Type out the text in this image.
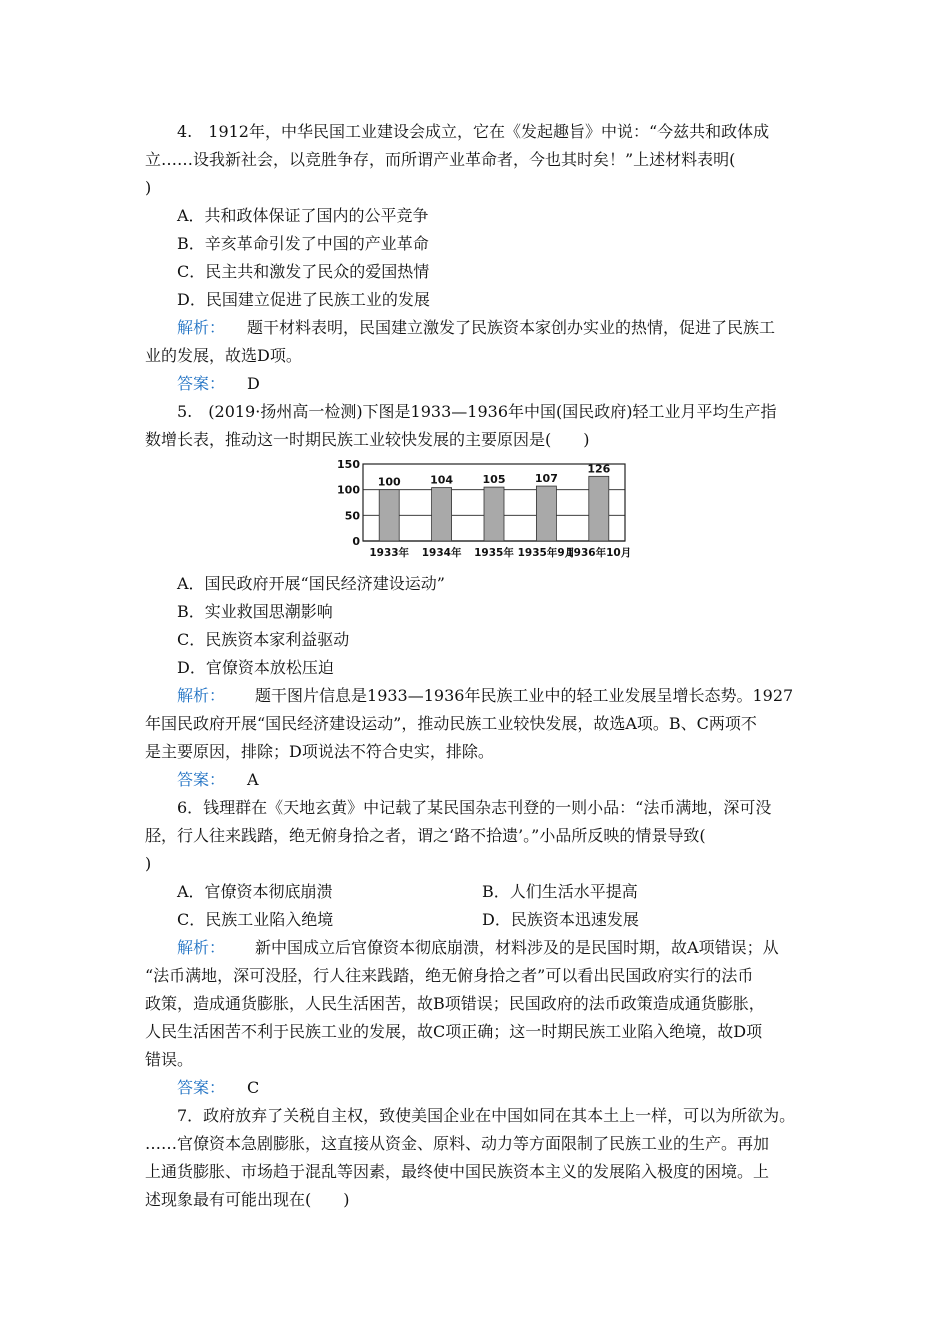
4.　1912年，中华民国工业建设会成立，它在《发起趣旨》中说：“今兹共和政体成
立……设我新社会，以竞胜争存，而所谓产业革命者，今也其时矣！”上述材料表明(
)
A．共和政体保证了国内的公平竞争
B．辛亥革命引发了中国的产业革命
C．民主共和激发了民众的爱国热情
D．民国建立促进了民族工业的发展
解析： 题干材料表明，民国建立激发了民族资本家创办实业的热情，促进了民族工
业的发展，故选D项。
答案： D
5.　(2019·扬州高一检测)下图是1933—1936年中国(国民政府)轻工业月平均生产指
数增长表，推动这一时期民族工业较快发展的主要原因是(　　)
0
50
100
150
100
1933年
104
1934年
105
1935年
107
1935年9月
126
1936年10月
A．国民政府开展“国民经济建设运动”
B．实业救国思潮影响
C．民族资本家利益驱动
D．官僚资本放松压迫
解析： 题干图片信息是1933—1936年民族工业中的轻工业发展呈增长态势。1927
年国民政府开展“国民经济建设运动”，推动民族工业较快发展，故选A项。B、C两项不
是主要原因，排除；D项说法不符合史实，排除。
答案： A
6．钱理群在《天地玄黄》中记载了某民国杂志刊登的一则小品：“法币满地，深可没
胫，行人往来践踏，绝无俯身拾之者，谓之‘路不拾遗’。”小品所反映的情景导致(
)
A．官僚资本彻底崩溃	B．人们生活水平提高
C．民族工业陷入绝境	D．民族资本迅速发展
解析： 新中国成立后官僚资本彻底崩溃，材料涉及的是民国时期，故A项错误；从
“法币满地，深可没胫，行人往来践踏，绝无俯身拾之者”可以看出民国政府实行的法币
政策，造成通货膨胀，人民生活困苦，故B项错误；民国政府的法币政策造成通货膨胀，
人民生活困苦不利于民族工业的发展，故C项正确；这一时期民族工业陷入绝境，故D项
错误。
答案： C
7．政府放弃了关税自主权，致使美国企业在中国如同在其本土上一样，可以为所欲为。
……官僚资本急剧膨胀，这直接从资金、原料、动力等方面限制了民族工业的生产。再加
上通货膨胀、市场趋于混乱等因素，最终使中国民族资本主义的发展陷入极度的困境。上
述现象最有可能出现在(　　)
